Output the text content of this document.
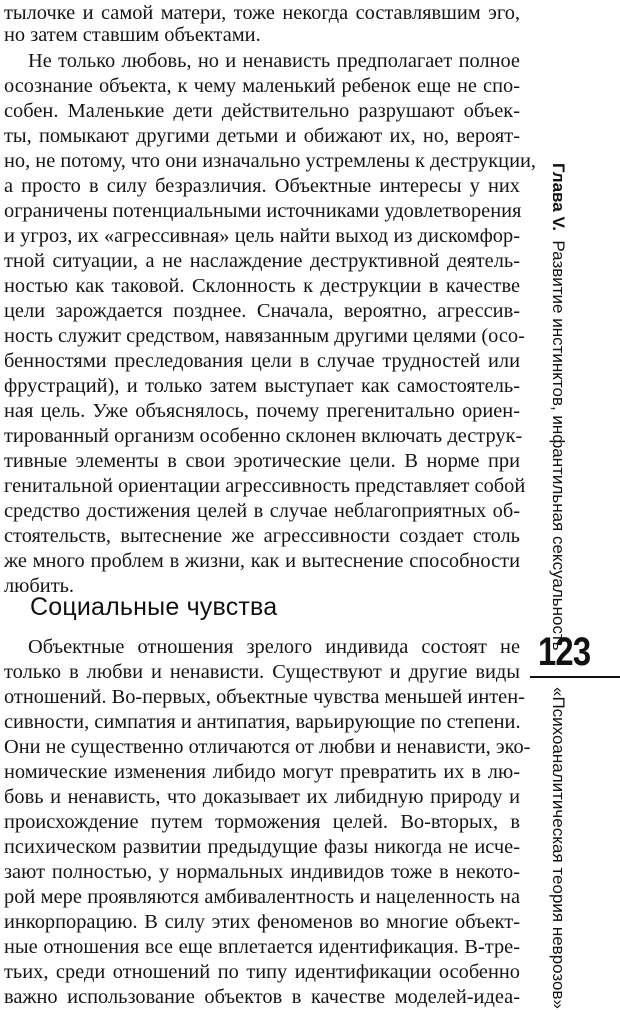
тылочке и самой матери, тоже некогда составлявшим эго,

но затем ставшим объектами.

Не только любовь, но и ненависть предполагает полное

осознание объекта, к чему маленький ребенок еще не спо-

собен. Маленькие дети действительно разрушают объек-

ты, помыкают другими детьми и обижают их, но, вероят-

но, не потому, что они изначально устремлены к деструкции,

а просто в силу безразличия. Объектные интересы у них

ограничены потенциальными источниками удовлетворения

и угроз, их «агрессивная» цель найти выход из дискомфор-

тной ситуации, а не наслаждение деструктивной деятель-

ностью как таковой. Склонность к деструкции в качестве

цели зарождается позднее. Сначала, вероятно, агрессив-

ность служит средством, навязанным другими целями (осо-

бенностями преследования цели в случае трудностей или

фрустраций), и только затем выступает как самостоятель-

ная цель. Уже объяснялось, почему прегенитально ориен-

тированный организм особенно склонен включать деструк-

тивные элементы в свои эротические цели. В норме при

генитальной ориентации агрессивность представляет собой

средство достижения целей в случае неблагоприятных об-

стоятельств, вытеснение же агрессивности создает столь

же много проблем в жизни, как и вытеснение способности

любить.

Социальные чувства

Объектные отношения зрелого индивида состоят не

только в любви и ненависти. Существуют и другие виды

отношений. Во-первых, объектные чувства меньшей интен-

сивности, симпатия и антипатия, варьирующие по степени.

Они не существенно отличаются от любви и ненависти, эко-

номические изменения либидо могут превратить их в лю-

бовь и ненависть, что доказывает их либидную природу и

происхождение путем торможения целей. Во-вторых, в

психическом развитии предыдущие фазы никогда не исче-

зают полностью, у нормальных индивидов тоже в некото-

рой мере проявляются амбивалентность и нацеленность на

инкорпорацию. В силу этих феноменов во многие объект-

ные отношения все еще вплетается идентификация. В-тре-

тьих, среди отношений по типу идентификации особенно

важно использование объектов в качестве моделей-идеа-

Глава V.  Развитие инстинктов, инфантильная сексуальность
123
«Психоаналитическая теория неврозов»
